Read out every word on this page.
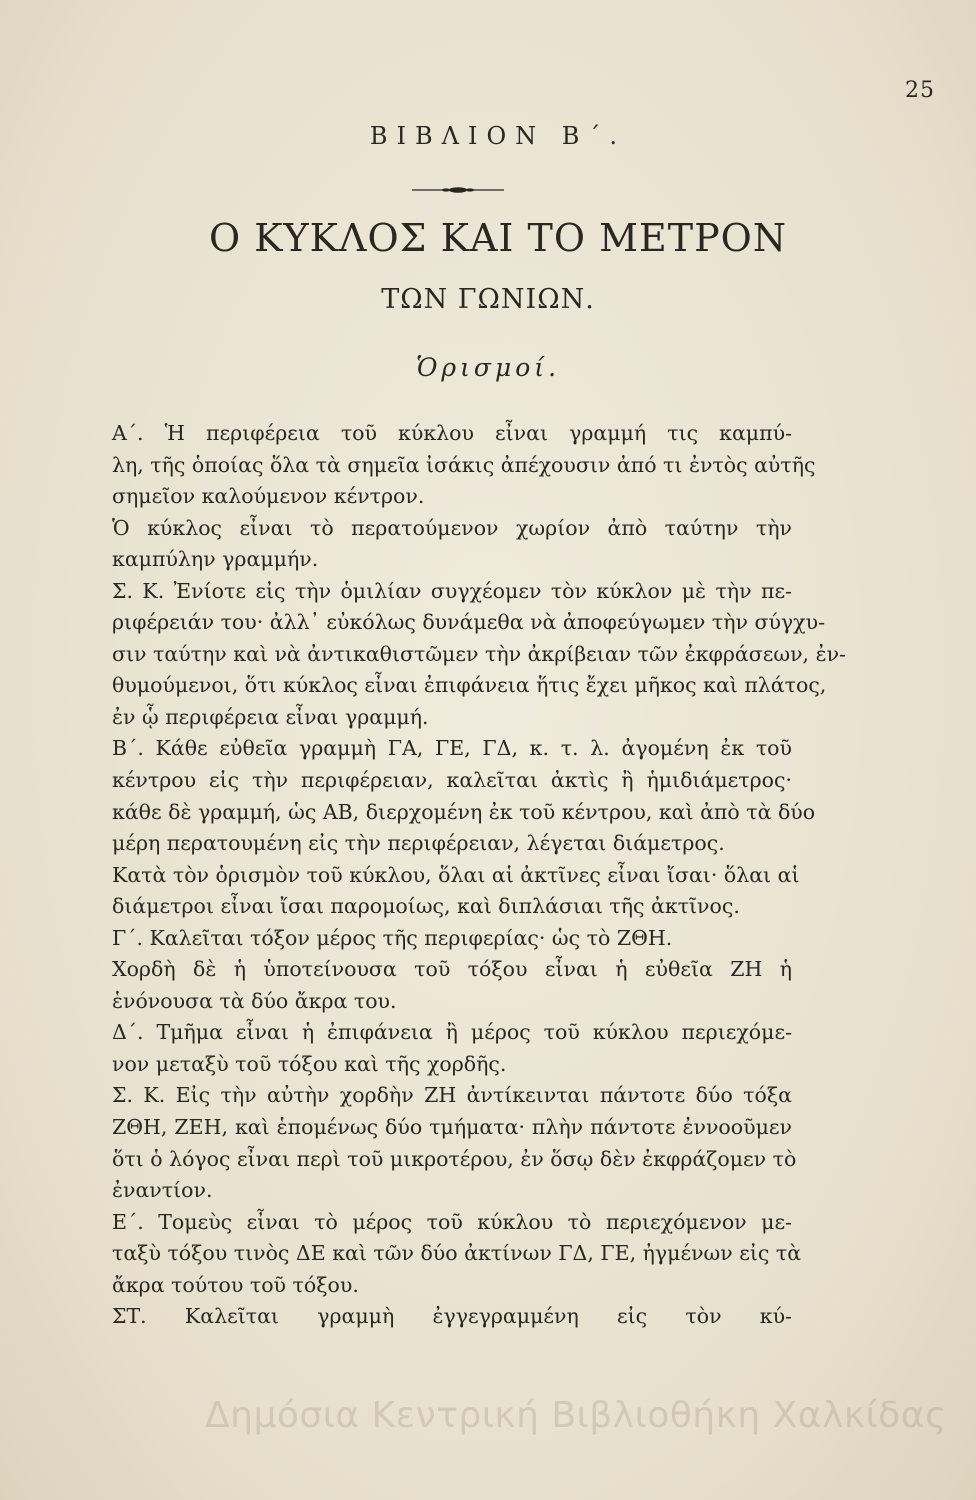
25
ΒΙΒΛΙΟΝ Β΄.
Ο ΚΥΚΛΟΣ ΚΑΙ ΤΟ ΜΕΤΡΟΝ
ΤΩΝ ΓΩΝΙΩΝ.
Ὁρισμοί.
Α΄. Ἡ περιφέρεια τοῦ κύκλου εἶναι γραμμή τις καμπύ-
λη, τῆς ὁποίας ὅλα τὰ σημεῖα ἰσάκις ἀπέχουσιν ἀπό τι ἐντὸς αὐτῆς
σημεῖον καλούμενον κέντρον.
Ὁ κύκλος εἶναι τὸ περατούμενον χωρίον ἀπὸ ταύτην τὴν
καμπύλην γραμμήν.
Σ. Κ. Ἐνίοτε εἰς τὴν ὁμιλίαν συγχέομεν τὸν κύκλον μὲ τὴν πε-
ριφέρειάν του· ἀλλ᾽ εὐκόλως δυνάμεθα νὰ ἀποφεύγωμεν τὴν σύγχυ-
σιν ταύτην καὶ νὰ ἀντικαθιστῶμεν τὴν ἀκρίβειαν τῶν ἐκφράσεων, ἐν-
θυμούμενοι, ὅτι κύκλος εἶναι ἐπιφάνεια ἥτις ἔχει μῆκος καὶ πλάτος,
ἐν ᾧ περιφέρεια εἶναι γραμμή.
Β΄. Κάθε εὐθεῖα γραμμὴ ΓΑ, ΓΕ, ΓΔ, κ. τ. λ. ἀγομένη ἐκ τοῦ
κέντρου εἰς τὴν περιφέρειαν, καλεῖται ἀκτὶς ἢ ἡμιδιάμετρος·
κάθε δὲ γραμμή, ὡς ΑΒ, διερχομένη ἐκ τοῦ κέντρου, καὶ ἀπὸ τὰ δύο
μέρη περατουμένη εἰς τὴν περιφέρειαν, λέγεται διάμετρος.
Κατὰ τὸν ὁρισμὸν τοῦ κύκλου, ὅλαι αἱ ἀκτῖνες εἶναι ἴσαι· ὅλαι αἱ
διάμετροι εἶναι ἴσαι παρομοίως, καὶ διπλάσιαι τῆς ἀκτῖνος.
Γ΄. Καλεῖται τόξον μέρος τῆς περιφερίας· ὡς τὸ ΖΘΗ.
Χορδὴ δὲ ἡ ὑποτείνουσα τοῦ τόξου εἶναι ἡ εὐθεῖα ΖΗ ἡ
ἑνόνουσα τὰ δύο ἄκρα του.
Δ΄. Τμῆμα εἶναι ἡ ἐπιφάνεια ἢ μέρος τοῦ κύκλου περιεχόμε-
νον μεταξὺ τοῦ τόξου καὶ τῆς χορδῆς.
Σ. Κ. Εἰς τὴν αὐτὴν χορδὴν ΖΗ ἀντίκεινται πάντοτε δύο τόξα
ΖΘΗ, ΖΕΗ, καὶ ἑπομένως δύο τμήματα· πλὴν πάντοτε ἐννοοῦμεν
ὅτι ὁ λόγος εἶναι περὶ τοῦ μικροτέρου, ἐν ὅσῳ δὲν ἐκφράζομεν τὸ
ἐναντίον.
Ε΄. Τομεὺς εἶναι τὸ μέρος τοῦ κύκλου τὸ περιεχόμενον με-
ταξὺ τόξου τινὸς ΔΕ καὶ τῶν δύο ἀκτίνων ΓΔ, ΓΕ, ἠγμένων εἰς τὰ
ἄκρα τούτου τοῦ τόξου.
ΣΤ. Καλεῖται γραμμὴ ἐγγεγραμμένη εἰς τὸν κύ-
Δημόσια Κεντρική Βιβλιοθήκη Χαλκίδας
